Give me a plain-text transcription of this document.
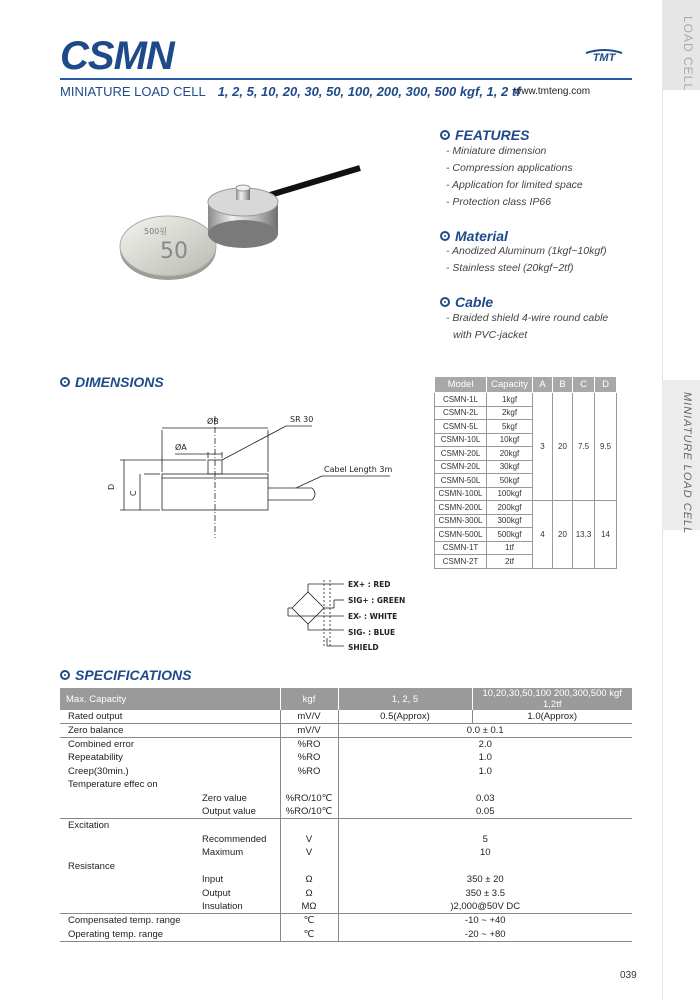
LOAD CELL
MINIATURE LOAD CELL
CSMN	TMT
MINIATURE LOAD CELL 1, 2, 5, 10, 20, 30, 50, 100, 200, 300, 500 kgf, 1, 2 tf
www.tmteng.com
500원
50
FEATURES
- Miniature dimension
- Compression applications
- Application for limited space
- Protection class IP66
Material
- Anodized Aluminum (1kgf~10kgf)
- Stainless steel (20kgf~2tf)
Cable
- Braided shield 4-wire round cable
with PVC-jacket
DIMENSIONS
ØB
ØA
SR 30
Cabel Length 3m
D
C
EX+ : RED
SIG+ : GREEN
EX- : WHITE
SIG- : BLUE
SHIELD
Model	Capacity	A	B	C	D
CSMN-1L	1kgf	3	20	7.5	9.5
CSMN-2L	2kgf				
CSMN-5L	5kgf				
CSMN-10L	10kgf				
CSMN-20L	20kgf				
CSMN-20L	30kgf				
CSMN-50L	50kgf				
CSMN-100L	100kgf				
CSMN-200L	200kgf	4	20	13.3	14
CSMN-300L	300kgf				
CSMN-500L	500kgf				
CSMN-1T	1tf				
CSMN-2T	2tf				
SPECIFICATIONS
Max. Capacity	kgf	1, 2, 5	10,20,30,50,100 200,300,500 kgf 1,2tf
Rated output	mV/V	0.5(Approx)	1.0(Approx)
Zero balance	mV/V	0.0 ± 0.1	
Combined error	%RO	2.0	
Repeatability	%RO	1.0	
Creep(30min.)	%RO	1.0	
Temperature effec on			
Zero value	%RO/10℃	0.03	
Output value	%RO/10℃	0.05	
Excitation			
Recommended	V	5	
Maximum	V	10	
Resistance			
Input	Ω	350 ± 20	
Output	Ω	350 ± 3.5	
Insulation	MΩ	)2,000@50V DC	
Compensated temp. range	℃	-10 ~ +40	
Operating temp. range	℃	-20 ~ +80	
039
